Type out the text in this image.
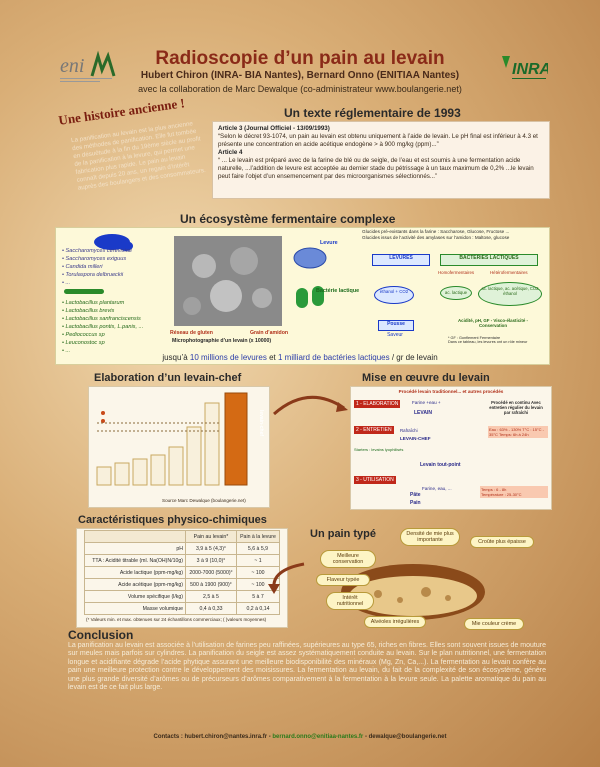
eni	INRA
Radioscopie d’un pain au levain
Hubert Chiron (INRA- BIA Nantes), Bernard Onno (ENITIAA Nantes)
avec la collaboration de Marc Dewalque (co-administrateur www.boulangerie.net)
Une histoire ancienne !
La panification au levain est la plus ancienne des méthodes de panification. Elle fut tombée en désuétude à la fin du 19ème siècle au profit de la panification à la levure, qui permet une fabrication plus rapide. Le pain au levain connaît depuis 20 ans, un regain d’intérêt auprès des boulangers et des consommateurs.
Un texte réglementaire de 1993
Article 3 (Journal Officiel - 13/09/1993)
“Selon le décret 93-1074, un pain au levain est obtenu uniquement à l’aide de levain. Le pH final est inférieur à 4.3 et présente une concentration en acide acétique endogène > à 900 mg/kg (ppm)...”
Article 4
“ ... Le levain est préparé avec de la farine de blé ou de seigle, de l’eau et est soumis à une fermentation acide naturelle, ...l’addition de levure est acceptée au dernier stade du pétrissage à un taux maximum de 0,2% ...le levain peut faire l’objet d’un ensemencement par des microorganismes sélectionnés...”
Un écosystème fermentaire complexe
• Saccharomyces cerevisiae
• Saccharomyces exiguus
• Candida milleri
• Torulaspora delbrueckii
• ...
• Lactobacillus plantarum
• Lactobacillus brevis
• Lactobacillus sanfranciscensis
• Lactobacillus pontis, L.panis, ...
• Pediococcus sp
• Leuconostoc sp
• ...
Réseau de gluten	Grain d’amidon
Microphotographie d’un levain (x 10000)
Levure
Bactérie lactique
Glucides pré-existants dans la farine : Saccharose, Glucose, Fructose ...
Glucides issus de l’activité des amylases sur l’amidon : Maltose, glucose
LEVURES	BACTERIES LACTIQUES
Homofermentaires	Hétérofermentaires
éthanol + CO2	ac. lactique
ac. lactique, ac. acétique, CO2 éthanol
Pousse
Saveur
Acidité, pH, GF - Visco-élasticité - Conservation
* GF : Gonflement Fermentaire
Dans ce tableau, les levures ont un rôle mineur
jusqu’à 10 millions de levures et 1 milliard de bactéries lactiques / gr de levain
Elaboration d’un levain-chef
levain-chef
Source Marc Dewalque (boulangerie.net)
Mise en œuvre du levain
Procédé levain traditionnel... et autres procédés
1 - ELABORATION
2 - ENTRETIEN
3 - UTILISATION
Farine +eau +
LEVAIN
Rafraîchi
LEVAIN-CHEF
Starters : levains lyophilisés
Levain tout-point
Farine, eau, ...
Pâte
Pain
Procédé en continu Avec entretien régulier du levain par rafraîchi
Eau : 63% - 130% T°C : 15°C - 35°C Temps: 6h à 24h
Temps : 6 - 8h
Température : 25-30°C
Caractéristiques physico-chimiques
	Pain au levain*	Pain à la levure
pH	3,9 à 5 (4,3)°	5,6 à 5,9
TTA : Acidité titrable (ml. Na(OH)N/10g)	3 à 9 (10,0)°	~ 1
Acide lactique (ppm-mg/kg)	2000-7000 (5000)°	~ 100
Acide acétique (ppm-mg/kg)	500 à 1900 (900)°	~ 100
Volume spécifique (l/kg)	2,5 à 5	5 à 7
Masse volumique	0,4 à 0,33	0,2 à 0,14
(* Valeurs min. et max. obtenues sur 24 échantillons commerciaux; ( )valeurs moyennes)
Un pain typé	Densité de mie plus importante	Croûte plus épaisse
Meilleure conservation
Flaveur typée
Intérêt nutritionnel
Alvéoles irrégulières	Mie couleur crème
Conclusion
La panification au levain est associée à l’utilisation de farines peu raffinées, supérieures au type 65, riches en fibres. Elles sont souvent issues de mouture sur meules mais parfois sur cylindres. La panification du seigle est assez systématiquement conduite au levain. Sur le plan nutritionnel, une fermentation longue et acidifiante dégrade l’acide phytique assurant une meilleure biodisponibilité des minéraux (Mg, Zn, Ca,...). La fermentation au levain confère au pain une meilleure protection contre le développement des moisissures. La fermentation au levain, du fait de la complexité de son écosystème, génère une plus grande diversité d’arômes ou de précurseurs d’arômes comparativement à la fermentation à la levure seule. La palette aromatique du pain au levain est de ce fait plus large.
Contacts : hubert.chiron@nantes.inra.fr - bernard.onno@enitiaa-nantes.fr - dewalque@boulangerie.net
